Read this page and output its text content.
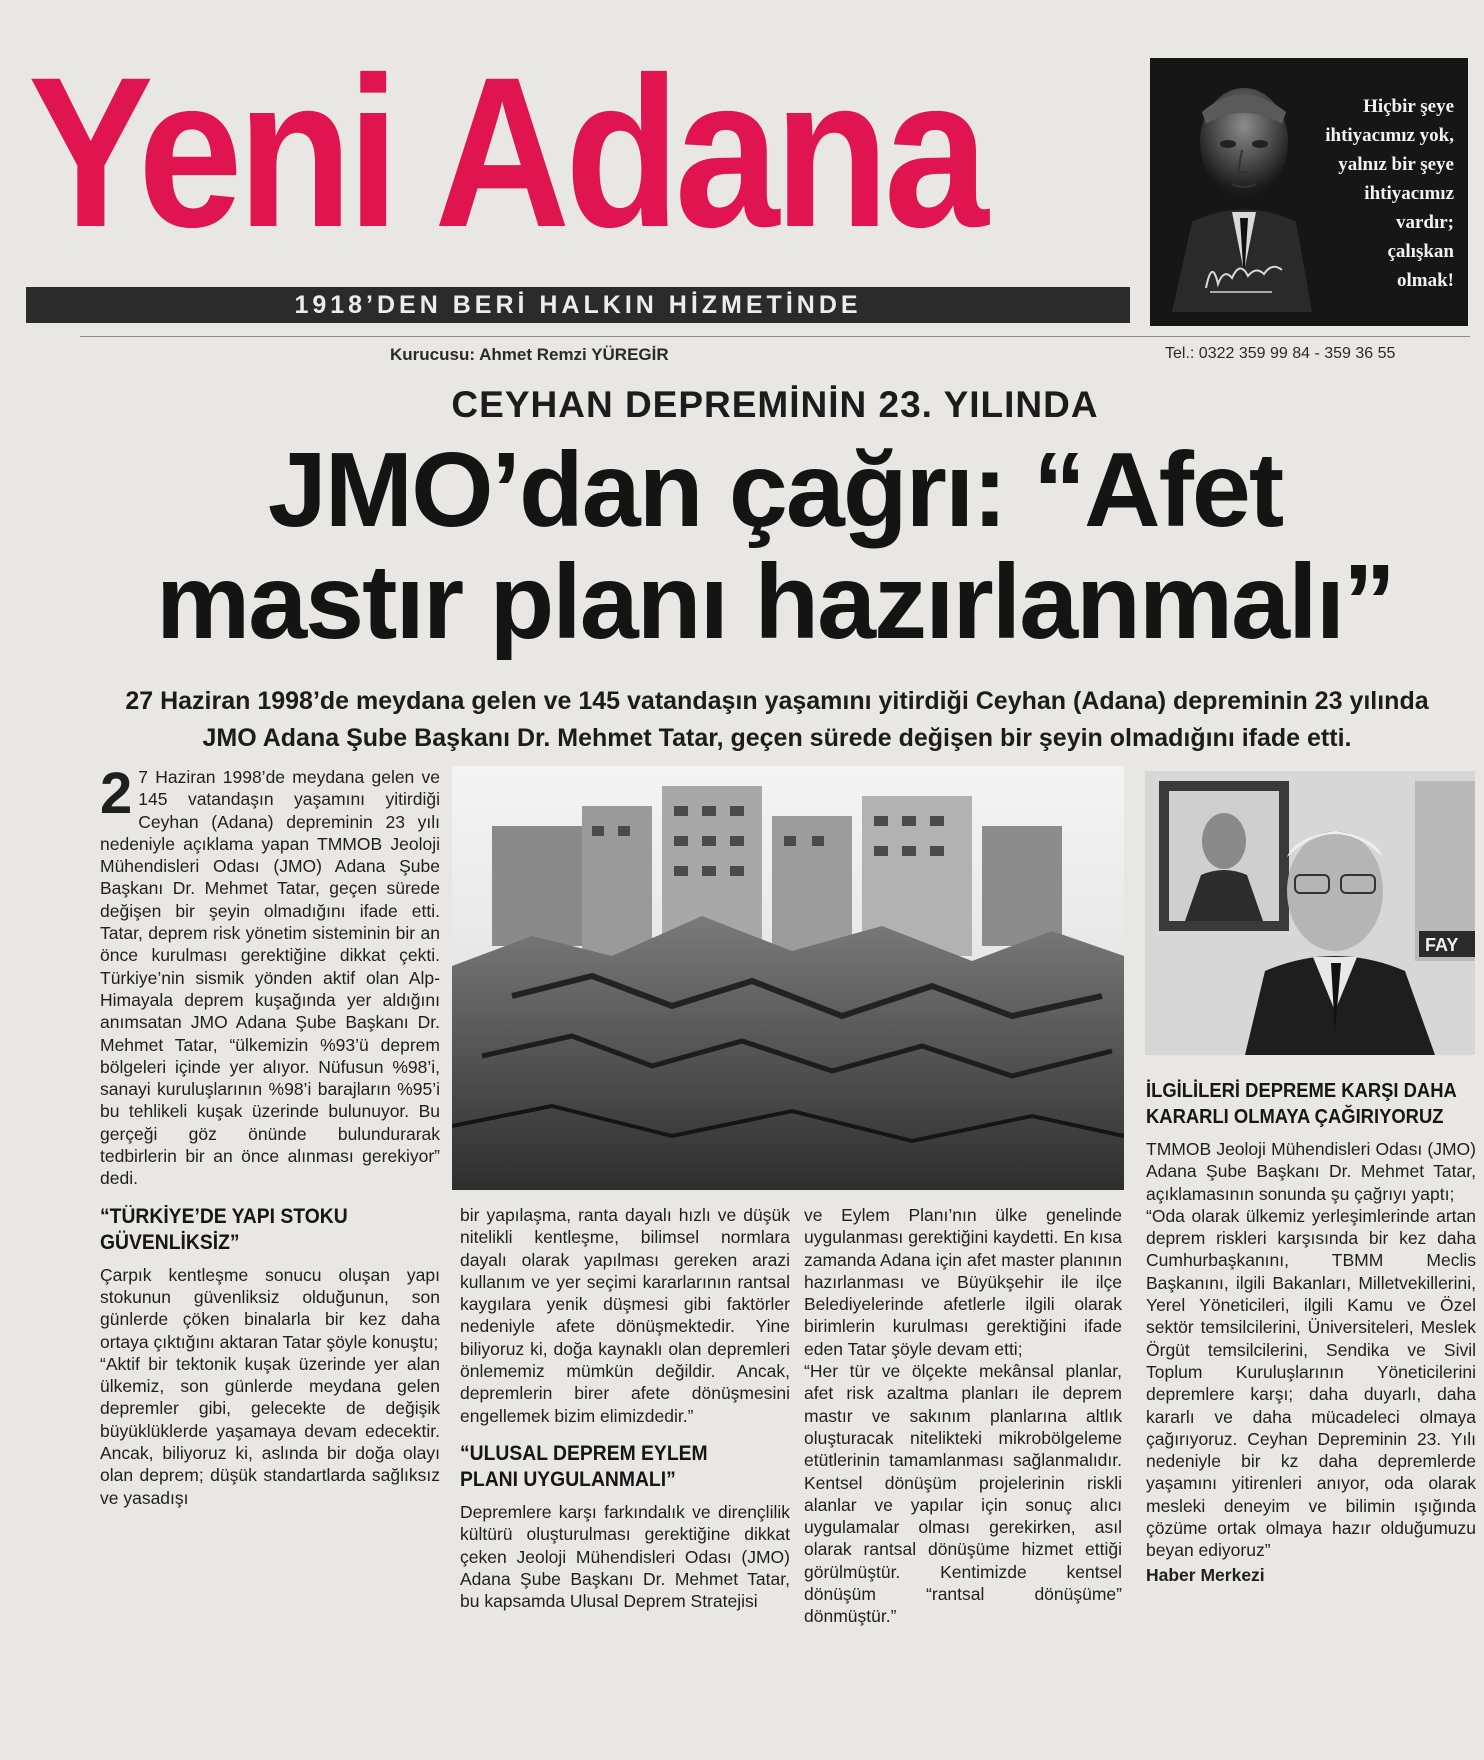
Yeni Adana
1918’DEN BERİ HALKIN HİZMETİNDE
Hiçbir şeye
ihtiyacımız yok,
yalnız bir şeye
ihtiyacımız
vardır;
çalışkan
olmak!
Kurucusu: Ahmet Remzi YÜREGİR	Tel.: 0322 359 99 84 - 359 36 55
CEYHAN DEPREMİNİN 23. YILINDA
JMO’dan çağrı: “Afet
mastır planı hazırlanmalı”
27 Haziran 1998’de meydana gelen ve 145 vatandaşın yaşamını yitirdiği Ceyhan (Adana) depreminin 23 yılında
JMO Adana Şube Başkanı Dr. Mehmet Tatar, geçen sürede değişen bir şeyin olmadığını ifade etti.
FAY
2 7 Haziran 1998’de meydana gelen ve 145 vatandaşın yaşamını yitirdiği Ceyhan (Adana) depreminin 23 yılı nedeniyle açıklama yapan TMMOB Jeoloji Mühendisleri Odası (JMO) Adana Şube Başkanı Dr. Mehmet Tatar, geçen sürede değişen bir şeyin olmadığını ifade etti. Tatar, deprem risk yönetim sisteminin bir an önce kurulması gerektiğine dikkat çekti. Türkiye’nin sismik yönden aktif olan Alp-Himayala deprem kuşağında yer aldığını anımsatan JMO Adana Şube Başkanı Dr. Mehmet Tatar, “ülkemizin %93’ü deprem bölgeleri içinde yer alıyor. Nüfusun %98’i, sanayi kuruluşlarının %98’i barajların %95’i bu tehlikeli kuşak üzerinde bulunuyor. Bu gerçeği göz önünde bulundurarak tedbirlerin bir an önce alınması gerekiyor” dedi.

“TÜRKİYE’DE YAPI STOKU
GÜVENLİKSİZ”

Çarpık kentleşme sonucu oluşan yapı stokunun güvenliksiz olduğunun, son günlerde çöken binalarla bir kez daha ortaya çıktığını aktaran Tatar şöyle konuştu;

“Aktif bir tektonik kuşak üzerinde yer alan ülkemiz, son günlerde meydana gelen depremler gibi, gelecekte de değişik büyüklüklerde yaşamaya devam edecektir. Ancak, biliyoruz ki, aslında bir doğa olayı olan deprem; düşük standartlarda sağlıksız ve yasadışı

bir yapılaşma, ranta dayalı hızlı ve düşük nitelikli kentleşme, bilimsel normlara dayalı olarak yapılması gereken arazi kullanım ve yer seçimi kararlarının rantsal kaygılara yenik düşmesi gibi faktörler nedeniyle afete dönüşmektedir. Yine biliyoruz ki, doğa kaynaklı olan depremleri önlememiz mümkün değildir. Ancak, depremlerin birer afete dönüşmesini engellemek bizim elimizdedir.”

“ULUSAL DEPREM EYLEM
PLANI UYGULANMALI”

Depremlere karşı farkındalık ve dirençlilik kültürü oluşturulması gerektiğine dikkat çeken Jeoloji Mühendisleri Odası (JMO) Adana Şube Başkanı Dr. Mehmet Tatar, bu kapsamda Ulusal Deprem Stratejisi

ve Eylem Planı’nın ülke genelinde uygulanması gerektiğini kaydetti. En kısa zamanda Adana için afet master planının hazırlanması ve Büyükşehir ile ilçe Belediyelerinde afetlerle ilgili olarak birimlerin kurulması gerektiğini ifade eden Tatar şöyle devam etti;

“Her tür ve ölçekte mekânsal planlar, afet risk azaltma planları ile deprem mastır ve sakınım planlarına altlık oluşturacak nitelikteki mikrobölgeleme etütlerinin tamamlanması sağlanmalıdır. Kentsel dönüşüm projelerinin riskli alanlar ve yapılar için sonuç alıcı uygulamalar olması gerekirken, asıl olarak rantsal dönüşüme hizmet ettiği görülmüştür. Kentimizde kentsel dönüşüm “rantsal dönüşüme” dönmüştür.”

İLGİLİLERİ DEPREME KARŞI DAHA
KARARLI OLMAYA ÇAĞIRIYORUZ

TMMOB Jeoloji Mühendisleri Odası (JMO) Adana Şube Başkanı Dr. Mehmet Tatar, açıklamasının sonunda şu çağrıyı yaptı;

“Oda olarak ülkemiz yerleşimlerinde artan deprem riskleri karşısında bir kez daha Cumhurbaşkanını, TBMM Meclis Başkanını, ilgili Bakanları, Milletvekillerini, Yerel Yöneticileri, ilgili Kamu ve Özel sektör temsilcilerini, Üniversiteleri, Meslek Örgüt temsilcilerini, Sendika ve Sivil Toplum Kuruluşlarının Yöneticilerini depremlere karşı; daha duyarlı, daha kararlı ve daha mücadeleci olmaya çağırıyoruz. Ceyhan Depreminin 23. Yılı nedeniyle bir kz daha depremlerde yaşamını yitirenleri anıyor, oda olarak mesleki deneyim ve bilimin ışığında çözüme ortak olmaya hazır olduğumuzu beyan ediyoruz”

Haber Merkezi
